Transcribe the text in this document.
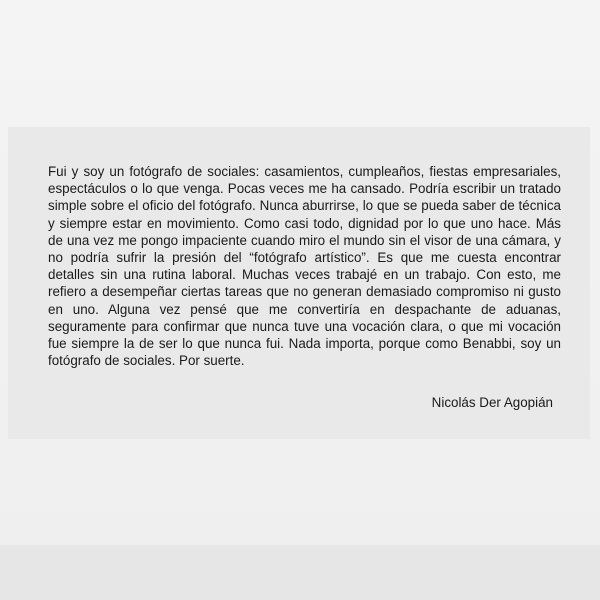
Fui y soy un fotógrafo de sociales: casamientos, cumpleaños, fiestas empresariales, espectáculos o lo que venga. Pocas veces me ha cansado. Podría escribir un tratado simple sobre el oficio del fotógrafo. Nunca aburrirse, lo que se pueda saber de técnica y siempre estar en movimiento. Como casi todo, dignidad por lo que uno hace. Más de una vez me pongo impaciente cuando miro el mundo sin el visor de una cámara, y no podría sufrir la presión del “fotógrafo artístico”. Es que me cuesta encontrar detalles sin una rutina laboral. Muchas veces trabajé en un trabajo. Con esto, me refiero a desempeñar ciertas tareas que no generan demasiado compromiso ni gusto en uno. Alguna vez pensé que me convertiría en despachante de aduanas, seguramente para confirmar que nunca tuve una vocación clara, o que mi vocación fue siempre la de ser lo que nunca fui. Nada importa, porque como Benabbi, soy un fotógrafo de sociales. Por suerte.

Nicolás Der Agopián
